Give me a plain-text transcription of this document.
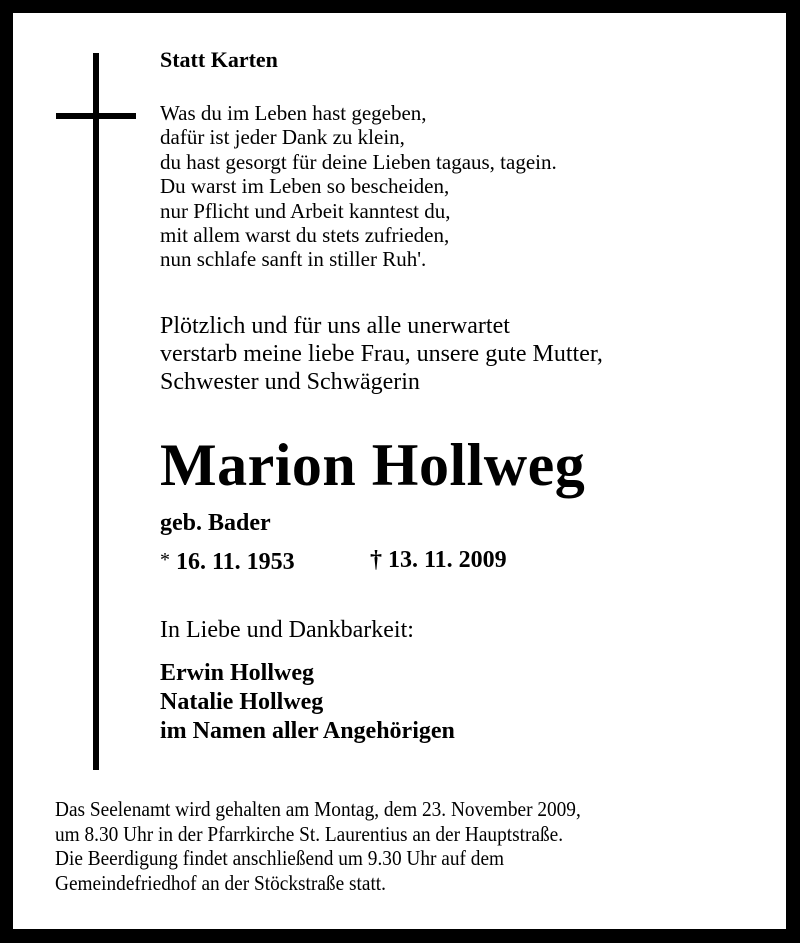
Statt Karten
Was du im Leben hast gegeben,
dafür ist jeder Dank zu klein,
du hast gesorgt für deine Lieben tagaus, tagein.
Du warst im Leben so bescheiden,
nur Pflicht und Arbeit kanntest du,
mit allem warst du stets zufrieden,
nun schlafe sanft in stiller Ruh'.
Plötzlich und für uns alle unerwartet
verstarb meine liebe Frau, unsere gute Mutter,
Schwester und Schwägerin
Marion Hollweg
geb. Bader
* 16. 11. 1953	† 13. 11. 2009
In Liebe und Dankbarkeit:
Erwin Hollweg
Natalie Hollweg
im Namen aller Angehörigen
Das Seelenamt wird gehalten am Montag, dem 23. November 2009,
um 8.30 Uhr in der Pfarrkirche St. Laurentius an der Hauptstraße.
Die Beerdigung findet anschließend um 9.30 Uhr auf dem
Gemeindefriedhof an der Stöckstraße statt.
